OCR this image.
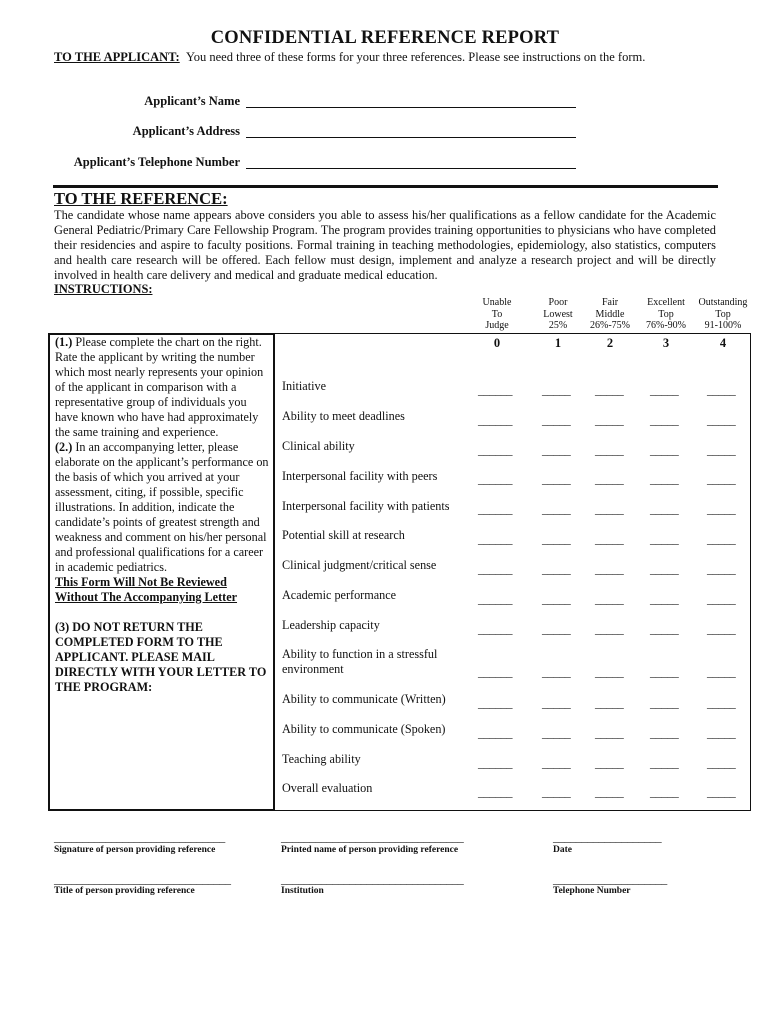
CONFIDENTIAL REFERENCE REPORT
TO THE APPLICANT: You need three of these forms for your three references. Please see instructions on the form.
Applicant’s Name
Applicant’s Address
Applicant’s Telephone Number
TO THE REFERENCE:
The candidate whose name appears above considers you able to assess his/her qualifications as a fellow candidate for the Academic General Pediatric/Primary Care Fellowship Program. The program provides training opportunities to physicians who have completed their residencies and aspire to faculty positions. Formal training in teaching methodologies, epidemiology, also statistics, computers and health care research will be offered. Each fellow must design, implement and analyze a research project and will be directly involved in health care delivery and medical and graduate medical education.
INSTRUCTIONS:
Unable
To
Judge
0
Poor
Lowest
25%
1
Fair
Middle
26%-75%
2
Excellent
Top
76%-90%
3
Outstanding
Top
91-100%
4
(1.) Please complete the chart on the right. Rate the applicant by writing the number which most nearly represents your opinion of the applicant in comparison with a representative group of individuals you have known who have had approximately the same training and experience.
(2.) In an accompanying letter, please elaborate on the applicant’s performance on the basis of which you arrived at your assessment, citing, if possible, specific illustrations. In addition, indicate the candidate’s points of greatest strength and weakness and comment on his/her personal and professional qualifications for a career in academic pediatrics.
This Form Will Not Be Reviewed
Without The Accompanying Letter

(3) DO NOT RETURN THE COMPLETED FORM TO THE APPLICANT. PLEASE MAIL DIRECTLY WITH YOUR LETTER TO THE PROGRAM:
Initiative	______ _____ _____ _____ _____
Ability to meet deadlines	______ _____ _____ _____ _____
Clinical ability	______ _____ _____ _____ _____
Interpersonal facility with peers	______ _____ _____ _____ _____
Interpersonal facility with patients	______ _____ _____ _____ _____
Potential skill at research	______ _____ _____ _____ _____
Clinical judgment/critical sense	______ _____ _____ _____ _____
Academic performance	______ _____ _____ _____ _____
Leadership capacity	______ _____ _____ _____ _____
Ability to function in a stressful environment	______ _____ _____ _____ _____
Ability to communicate (Written)	______ _____ _____ _____ _____
Ability to communicate (Spoken)	______ _____ _____ _____ _____
Teaching ability	______ _____ _____ _____ _____
Overall evaluation	______ _____ _____ _____ _____
______________________________
Signature of person providing reference
________________________________
Printed name of person providing reference
___________________
Date
_______________________________
Title of person providing reference
________________________________
Institution
____________________
Telephone Number
